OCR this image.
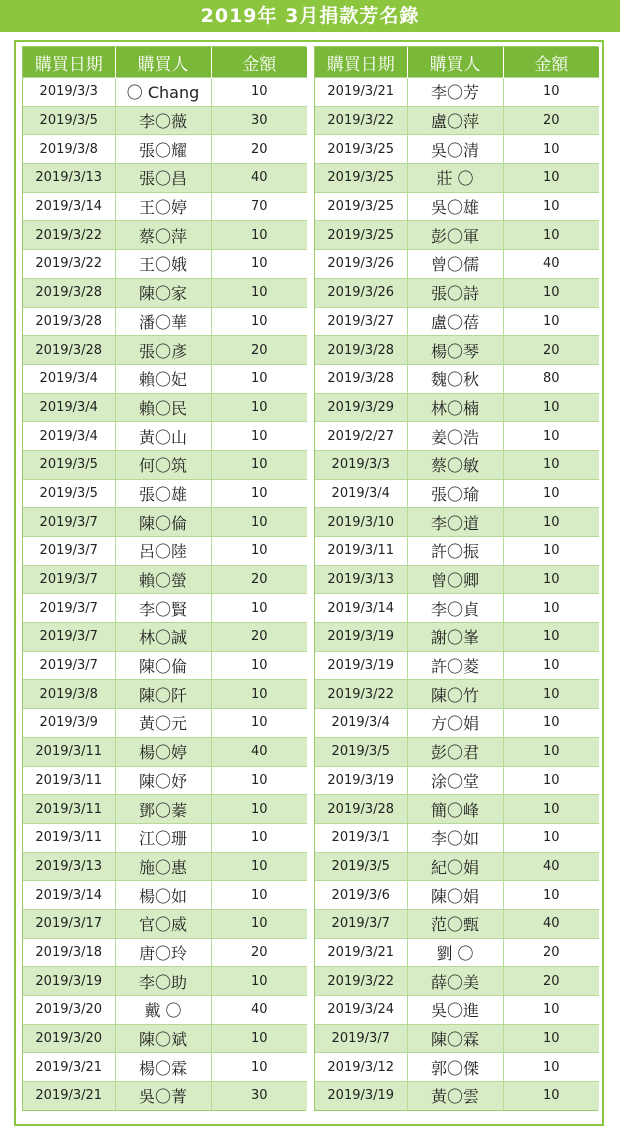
2019年 3月捐款芳名錄
購買日期	購買人	金額
2019/3/3	〇 Chang	10
2019/3/5	李〇薇	30
2019/3/8	張〇耀	20
2019/3/13	張〇昌	40
2019/3/14	王〇婷	70
2019/3/22	蔡〇萍	10
2019/3/22	王〇娥	10
2019/3/28	陳〇家	10
2019/3/28	潘〇華	10
2019/3/28	張〇彥	20
2019/3/4	賴〇妃	10
2019/3/4	賴〇民	10
2019/3/4	黃〇山	10
2019/3/5	何〇筑	10
2019/3/5	張〇雄	10
2019/3/7	陳〇倫	10
2019/3/7	呂〇陸	10
2019/3/7	賴〇螢	20
2019/3/7	李〇賢	10
2019/3/7	林〇誠	20
2019/3/7	陳〇倫	10
2019/3/8	陳〇阡	10
2019/3/9	黃〇元	10
2019/3/11	楊〇婷	40
2019/3/11	陳〇妤	10
2019/3/11	鄧〇蓁	10
2019/3/11	江〇珊	10
2019/3/13	施〇惠	10
2019/3/14	楊〇如	10
2019/3/17	官〇威	10
2019/3/18	唐〇玲	20
2019/3/19	李〇助	10
2019/3/20	戴 〇	40
2019/3/20	陳〇斌	10
2019/3/21	楊〇霖	10
2019/3/21	吳〇菁	30
購買日期	購買人	金額
2019/3/21	李〇芳	10
2019/3/22	盧〇萍	20
2019/3/25	吳〇清	10
2019/3/25	莊 〇	10
2019/3/25	吳〇雄	10
2019/3/25	彭〇軍	10
2019/3/26	曾〇儒	40
2019/3/26	張〇詩	10
2019/3/27	盧〇蓓	10
2019/3/28	楊〇琴	20
2019/3/28	魏〇秋	80
2019/3/29	林〇楠	10
2019/2/27	姜〇浩	10
2019/3/3	蔡〇敏	10
2019/3/4	張〇瑜	10
2019/3/10	李〇道	10
2019/3/11	許〇振	10
2019/3/13	曾〇卿	10
2019/3/14	李〇貞	10
2019/3/19	謝〇峯	10
2019/3/19	許〇菱	10
2019/3/22	陳〇竹	10
2019/3/4	方〇娟	10
2019/3/5	彭〇君	10
2019/3/19	涂〇堂	10
2019/3/28	簡〇峰	10
2019/3/1	李〇如	10
2019/3/5	紀〇娟	40
2019/3/6	陳〇娟	10
2019/3/7	范〇甄	40
2019/3/21	劉 〇	20
2019/3/22	薛〇美	20
2019/3/24	吳〇進	10
2019/3/7	陳〇霖	10
2019/3/12	郭〇傑	10
2019/3/19	黃〇雲	10
